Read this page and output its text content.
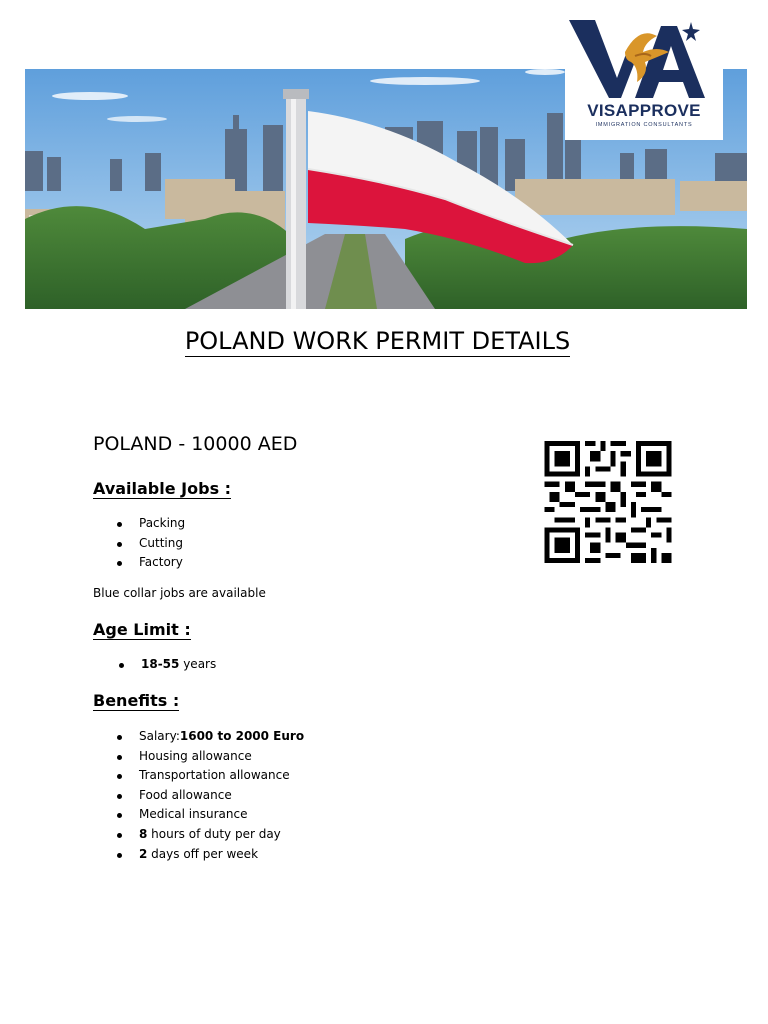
VISAPPROVE
IMMIGRATION CONSULTANTS
POLAND WORK PERMIT DETAILS
POLAND - 10000 AED
Available Jobs :
Packing
Cutting
Factory

Blue collar jobs are available

Age Limit :
18-55 years
Benefits :
Salary:1600 to 2000 Euro
Housing allowance
Transportation allowance
Food allowance
Medical insurance
8 hours of duty per day
2 days off per week
